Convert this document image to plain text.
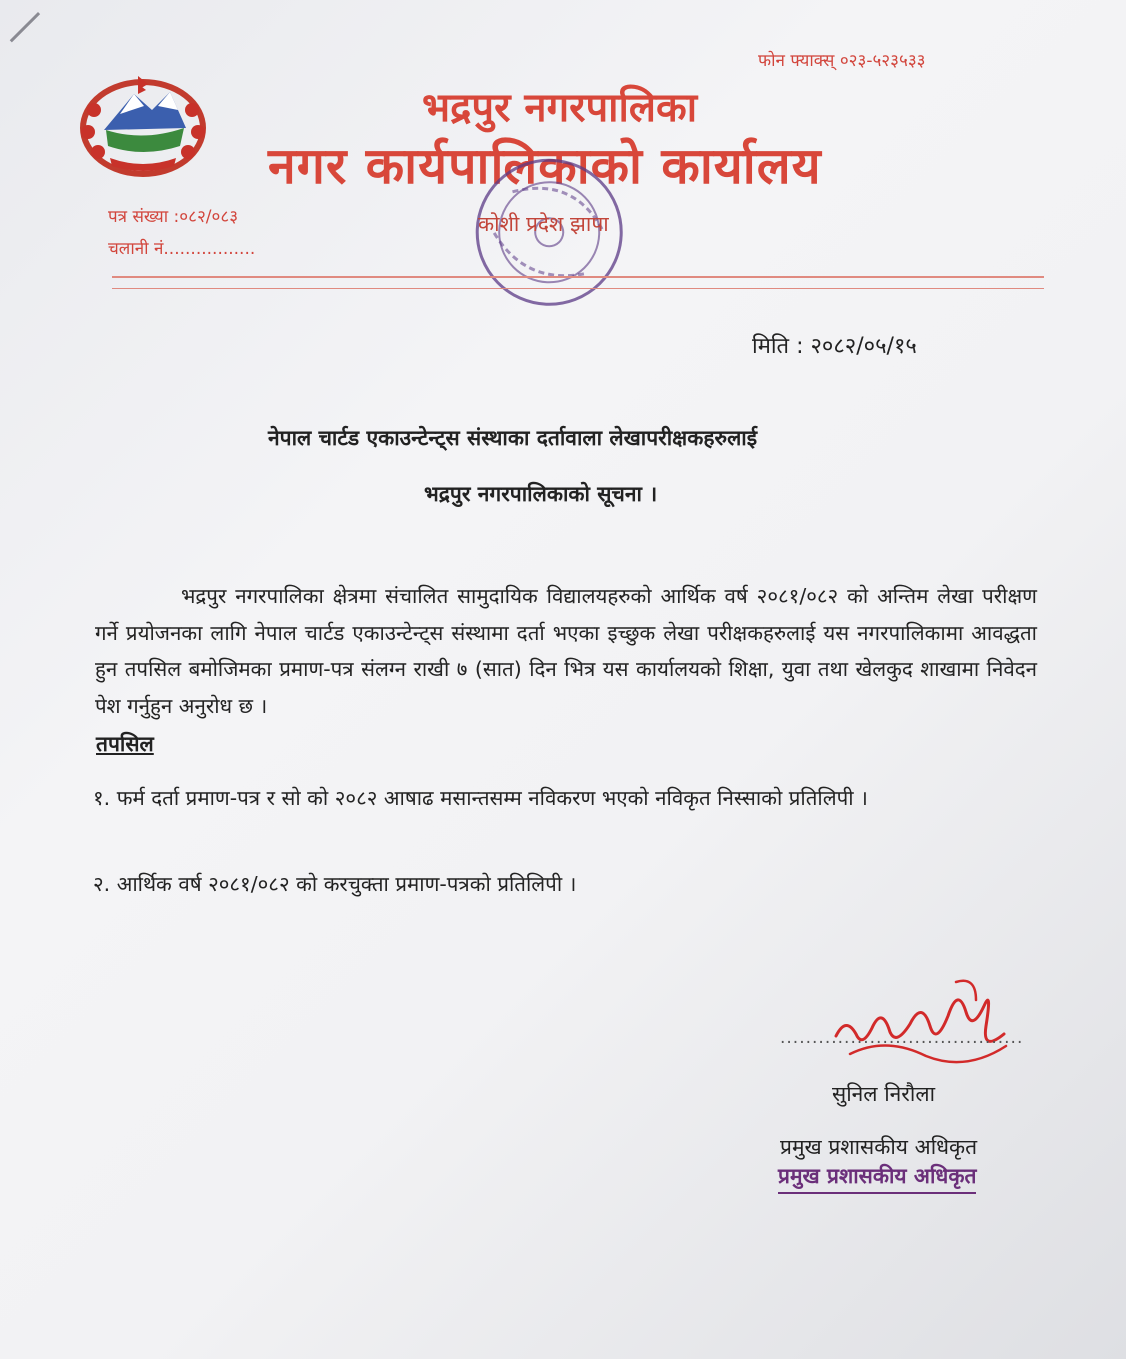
फोन फ्याक्स् ०२३-५२३५३३
भद्रपुर नगरपालिका
नगर कार्यपालिकाको कार्यालय
पत्र संख्या :०८२/०८३
चलानी नं.................
कोशी प्रदेश झापा
मिति : २०८२/०५/१५
नेपाल चार्टड एकाउन्टेन्ट्स संस्थाका दर्तावाला लेखापरीक्षकहरुलाई
भद्रपुर नगरपालिकाको सूचना ।
भद्रपुर नगरपालिका क्षेत्रमा संचालित सामुदायिक विद्यालयहरुको आर्थिक वर्ष २०८१/०८२ को अन्तिम लेखा परीक्षण गर्ने प्रयोजनका लागि नेपाल चार्टड एकाउन्टेन्ट्स संस्थामा दर्ता भएका इच्छुक लेखा परीक्षकहरुलाई यस नगरपालिकामा आवद्धता हुन तपसिल बमोजिमका प्रमाण-पत्र संलग्न राखी ७ (सात) दिन भित्र यस कार्यालयको शिक्षा, युवा तथा खेलकुद शाखामा निवेदन पेश गर्नुहुन अनुरोध छ ।
तपसिल
१. फर्म दर्ता प्रमाण-पत्र र सो को २०८२ आषाढ मसान्तसम्म नविकरण भएको नविकृत निस्साको प्रतिलिपी ।
२. आर्थिक वर्ष २०८१/०८२ को करचुक्ता प्रमाण-पत्रको प्रतिलिपी ।
......................................
सुनिल निरौला
प्रमुख प्रशासकीय अधिकृत
प्रमुख प्रशासकीय अधिकृत
